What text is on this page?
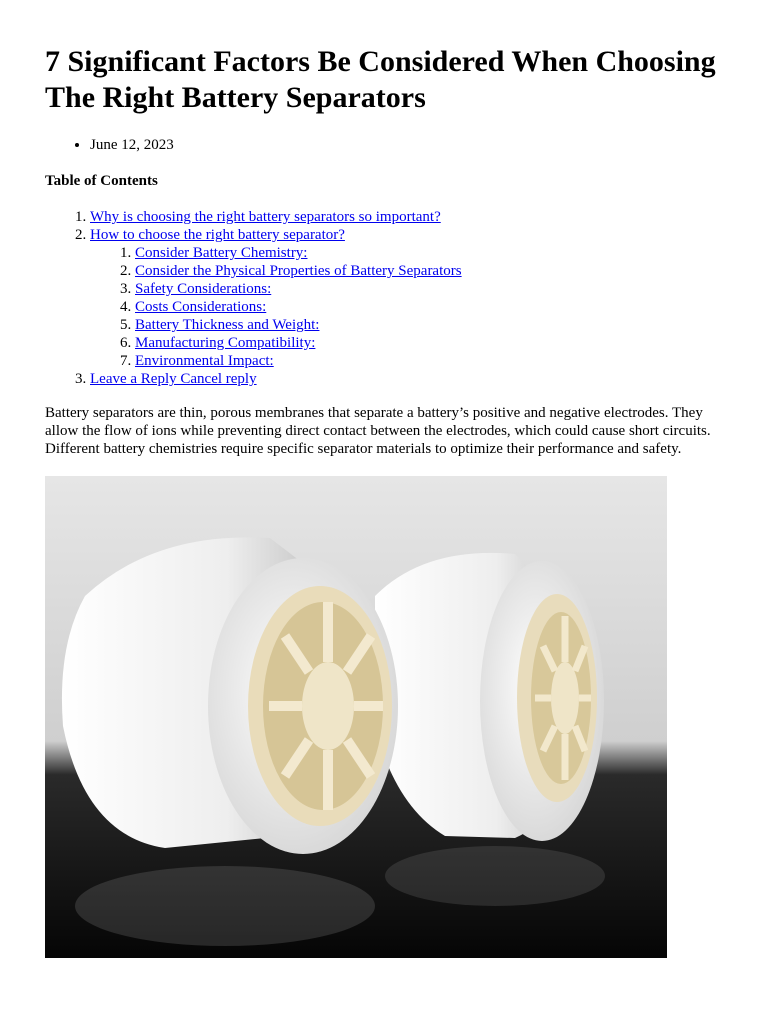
7 Significant Factors Be Considered When Choosing The Right Battery Separators
• June 12, 2023

Table of Contents

1. Why is choosing the right battery separators so important?
2. How to choose the right battery separator?
1. Consider Battery Chemistry:
2. Consider the Physical Properties of Battery Separators
3. Safety Considerations:
4. Costs Considerations:
5. Battery Thickness and Weight:
6. Manufacturing Compatibility:
7. Environmental Impact:
3. Leave a Reply Cancel reply

Battery separators are thin, porous membranes that separate a battery’s positive and negative electrodes. They allow the flow of ions while preventing direct contact between the electrodes, which could cause short circuits. Different battery chemistries require specific separator materials to optimize their performance and safety.
